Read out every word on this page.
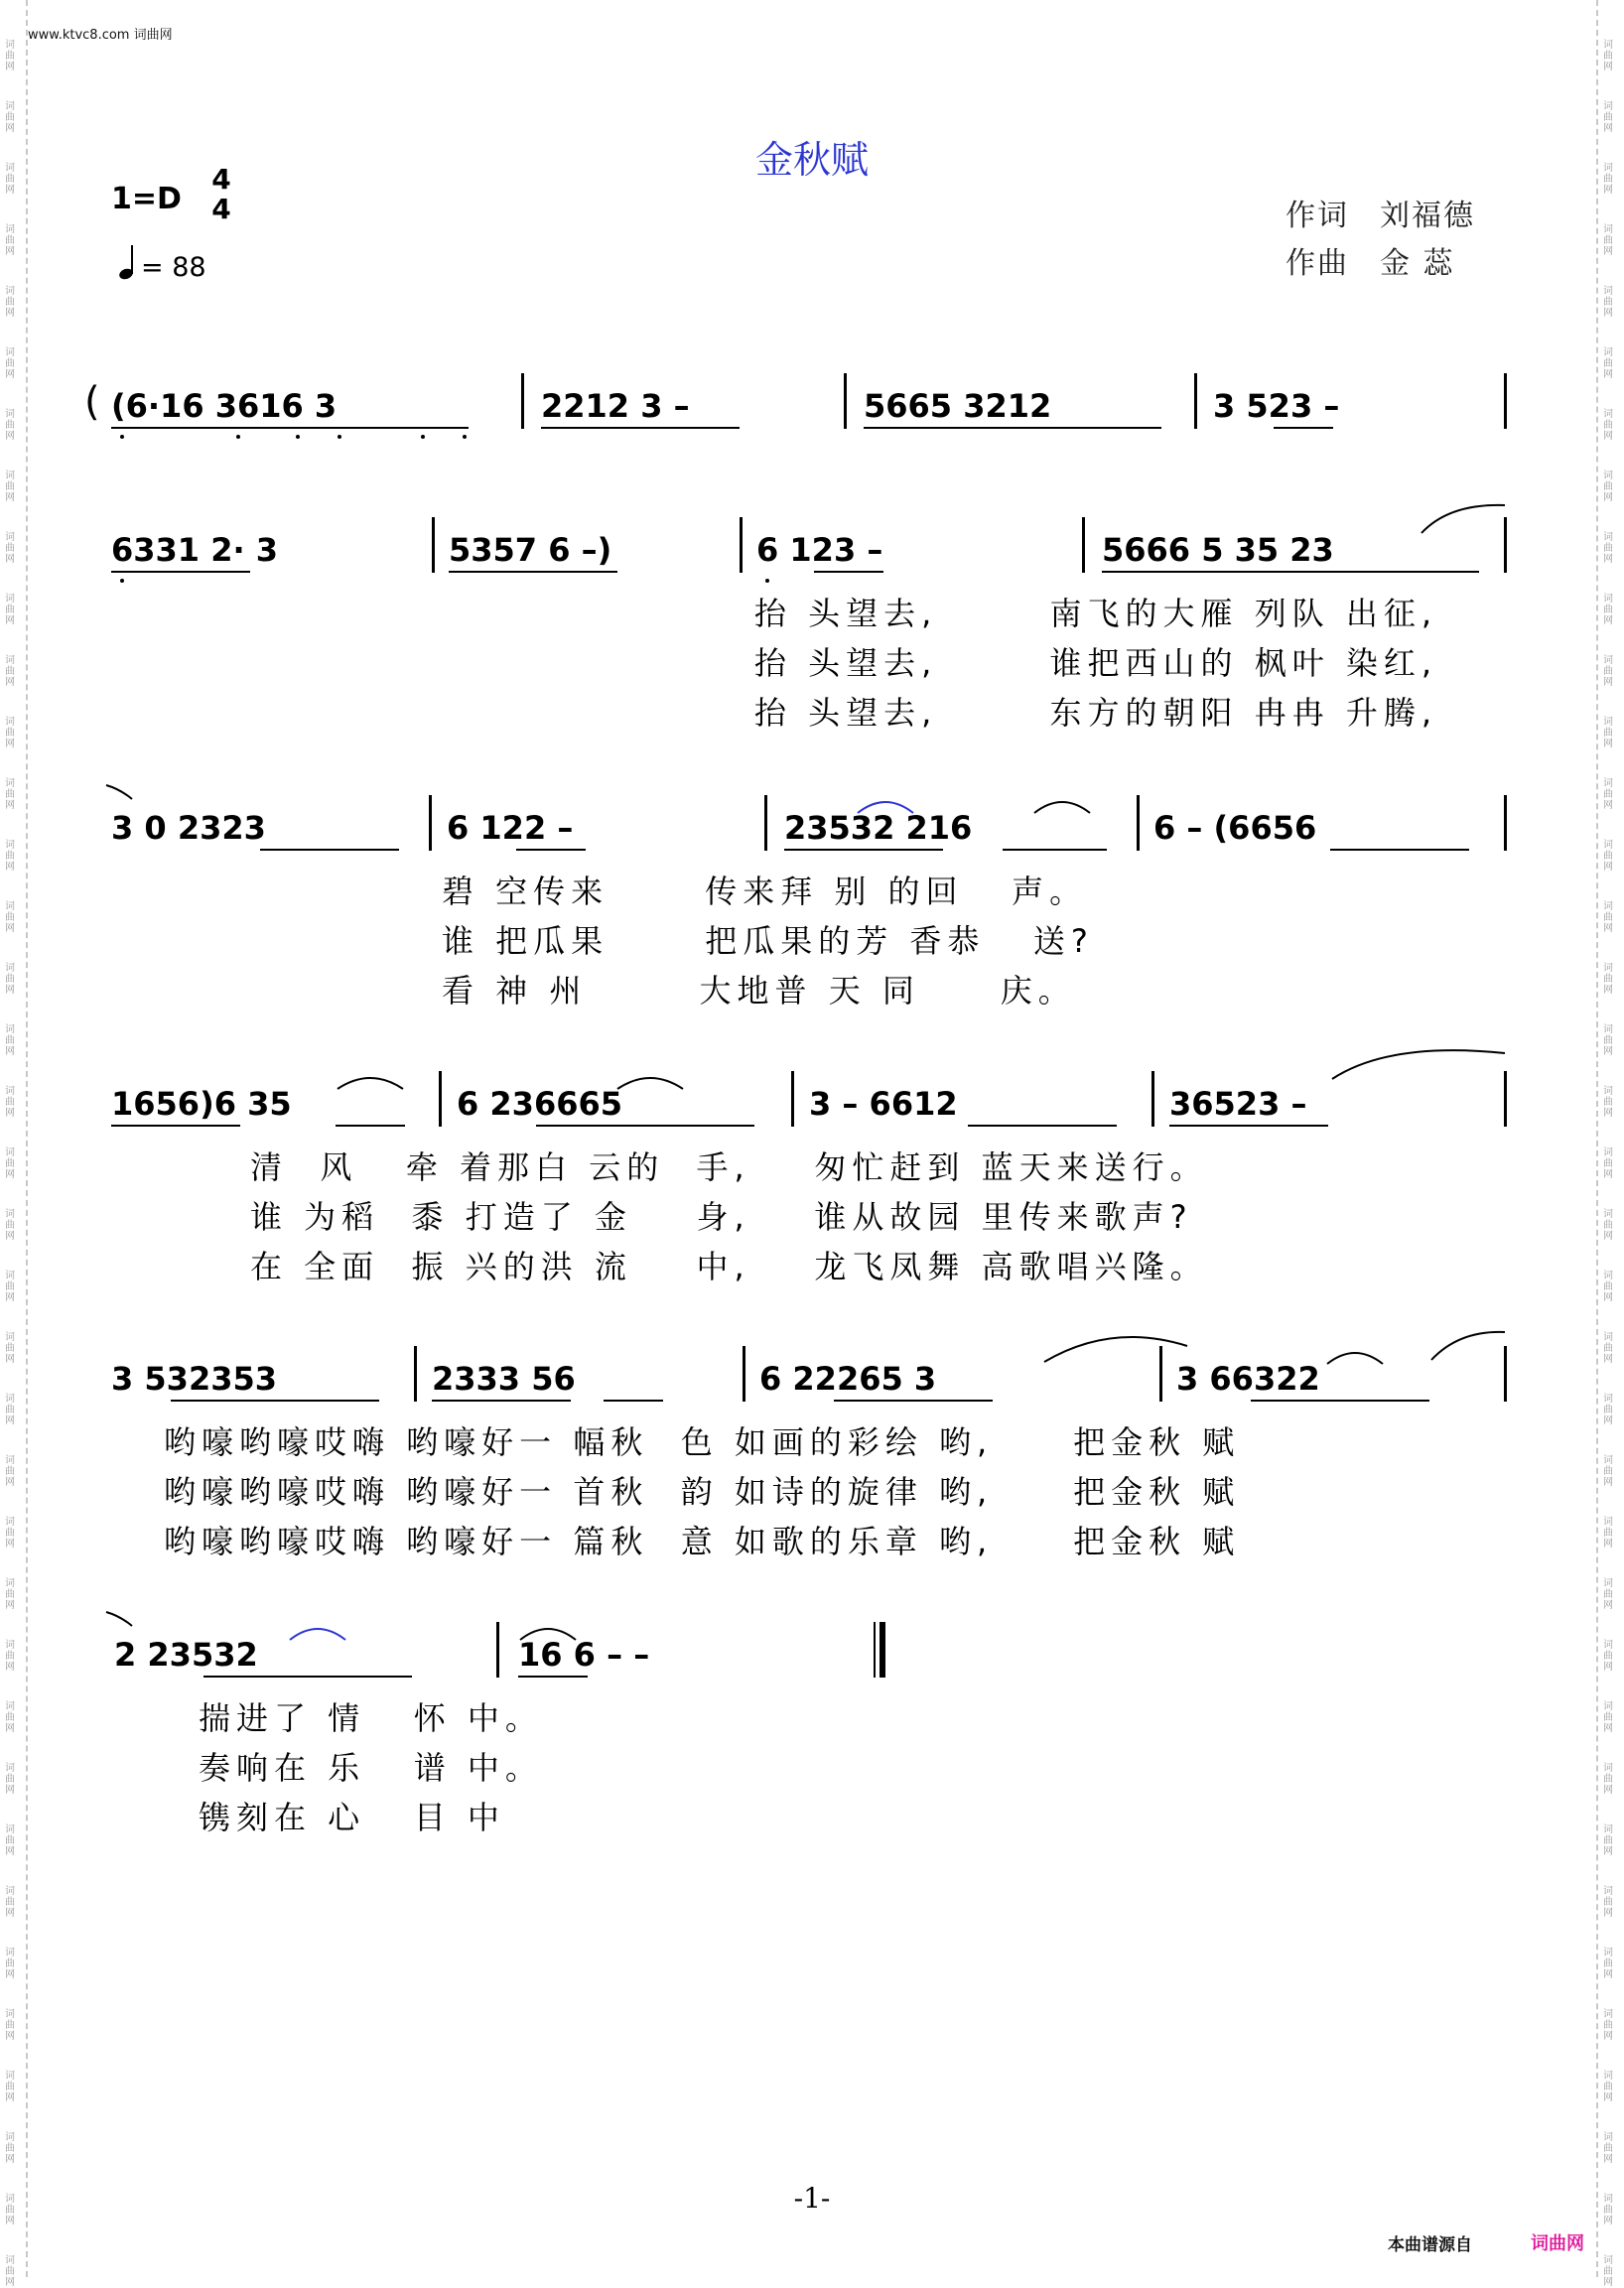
词曲网
词曲网
词曲网
词曲网
词曲网
词曲网
词曲网
词曲网
词曲网
词曲网
词曲网
词曲网
词曲网
词曲网
词曲网
词曲网
词曲网
词曲网
词曲网
词曲网
词曲网
词曲网
词曲网
词曲网
词曲网
词曲网
词曲网
词曲网
词曲网
词曲网
词曲网
词曲网
词曲网
词曲网
词曲网
词曲网
词曲网
词曲网
词曲网
词曲网
词曲网
词曲网
词曲网
词曲网
词曲网
词曲网
词曲网
词曲网
词曲网
词曲网
词曲网
词曲网
词曲网
词曲网
词曲网
词曲网
词曲网
词曲网
词曲网
词曲网
词曲网
词曲网
词曲网
词曲网
词曲网
词曲网
词曲网
词曲网
词曲网
词曲网
词曲网
词曲网
词曲网
词曲网
www.ktvc8.com 词曲网
金秋赋
1=D
4
4
= 88
作词 刘福德
作曲 金 蕊
( (6·16 3616 3	2212 3 –	5665 3212	3 523 –
6331 2· 3	5357 6 –)	6 123 –	5666 5 35 23
抬 头望去,       南飞的大雁 列队 出征,
抬 头望去,       谁把西山的 枫叶 染红,
抬 头望去,       东方的朝阳 冉冉 升腾,
3 0 2323	6 122 –	23532 216	6 – (6656
碧 空传来      传来拜 别 的回   声。
谁 把瓜果      把瓜果的芳 香恭   送?
看 神 州       大地普 天 同     庆。
1656)6 35	6 236665	3 – 6612	36523 –
清  风   牵 着那白 云的  手,    匆忙赶到 蓝天来送行。
谁 为稻  黍 打造了 金    身,    谁从故园 里传来歌声?
在 全面  振 兴的洪 流    中,    龙飞凤舞 高歌唱兴隆。
3 532353	2333 56	6 22265 3	3 66322
哟嚎哟嚎哎嗨 哟嚎好一 幅秋  色 如画的彩绘 哟,     把金秋 赋
哟嚎哟嚎哎嗨 哟嚎好一 首秋  韵 如诗的旋律 哟,     把金秋 赋
哟嚎哟嚎哎嗨 哟嚎好一 篇秋  意 如歌的乐章 哟,     把金秋 赋
2 23532	16 6 – –
揣进了 情   怀 中。
奏响在 乐   谱 中。
镌刻在 心   目 中
-1-
本曲谱源自	词曲网
